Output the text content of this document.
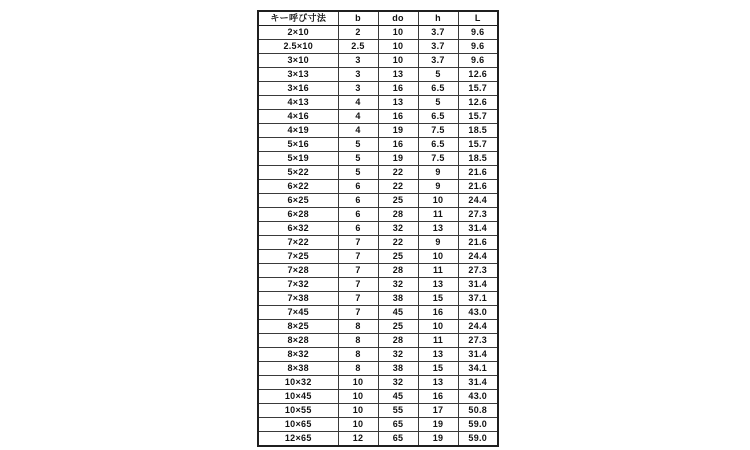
キー呼び寸法	b	do	h	L
2×10	2	10	3.7	9.6
2.5×10	2.5	10	3.7	9.6
3×10	3	10	3.7	9.6
3×13	3	13	5	12.6
3×16	3	16	6.5	15.7
4×13	4	13	5	12.6
4×16	4	16	6.5	15.7
4×19	4	19	7.5	18.5
5×16	5	16	6.5	15.7
5×19	5	19	7.5	18.5
5×22	5	22	9	21.6
6×22	6	22	9	21.6
6×25	6	25	10	24.4
6×28	6	28	11	27.3
6×32	6	32	13	31.4
7×22	7	22	9	21.6
7×25	7	25	10	24.4
7×28	7	28	11	27.3
7×32	7	32	13	31.4
7×38	7	38	15	37.1
7×45	7	45	16	43.0
8×25	8	25	10	24.4
8×28	8	28	11	27.3
8×32	8	32	13	31.4
8×38	8	38	15	34.1
10×32	10	32	13	31.4
10×45	10	45	16	43.0
10×55	10	55	17	50.8
10×65	10	65	19	59.0
12×65	12	65	19	59.0
